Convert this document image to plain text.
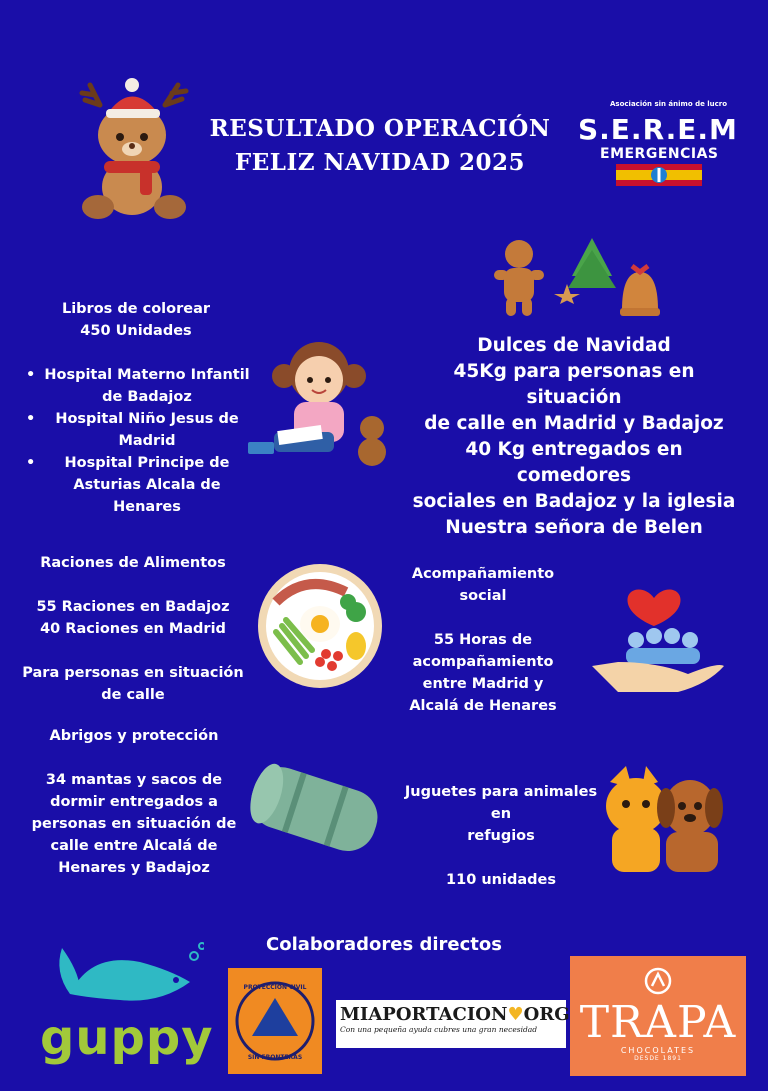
RESULTADO OPERACIÓN
FELIZ NAVIDAD 2025
Asociación sin ánimo de lucro
S.E.R.E.M
EMERGENCIAS
Libros de colorear
450 Unidades
• Hospital Materno Infantil de Badajoz
• Hospital Niño Jesus de Madrid
• Hospital Principe de Asturias Alcala de Henares
Dulces de Navidad
45Kg para personas en situación
de calle en Madrid y Badajoz
40 Kg entregados en comedores
sociales en Badajoz y la iglesia
Nuestra señora de Belen
Raciones de Alimentos
55 Raciones en Badajoz
40 Raciones en Madrid
Para personas en situación
de calle
Acompañamiento
social
55 Horas de
acompañamiento
entre Madrid y
Alcalá de Henares
Abrigos y protección
34 mantas y sacos de
dormir entregados a
personas en situación de
calle entre Alcalá de
Henares y Badajoz
Juguetes para animales en
refugios
110 unidades
Colaboradores directos
guppy
PROTECCIÓN CIVIL
SIN FRONTERAS
MIAPORTACION♥ORG
Con una pequeña ayuda cubres una gran necesidad TRAPA
CHOCOLATES
DESDE 1891
